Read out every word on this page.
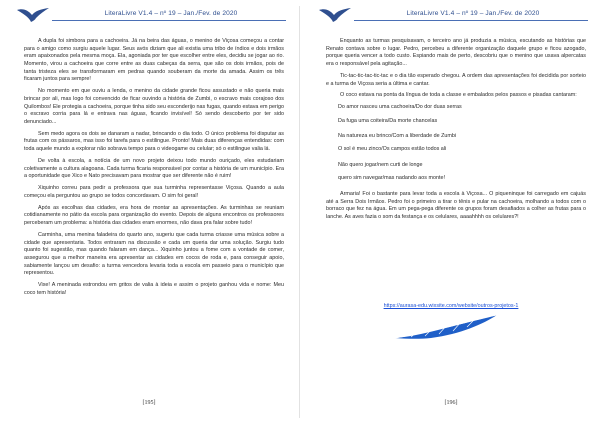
LiteraLivre V1.4 – nº 19 – Jan./Fev. de 2020

A dupla foi simbora para a cachoeira. Já na beira das águas, o menino de Viçosa começou a contar para o amigo como surgiu aquele lugar. Seus avós diziam que ali existia uma tribo de índios e dois irmãos eram apaixonados pela mesma moça. Ela, agoniada por ter que escolher entre eles, decidiu se jogar ao rio. Momento, virou a cachoeira que corre entre as duas cabeças da serra, que são os dois irmãos, pois de tanta tristeza eles se transformaram em pedras quando souberam da morte da amada. Assim os três ficaram juntos para sempre!

No momento em que ouviu a lenda, o menino da cidade grande ficou assustado e não queria mais brincar por ali, mas logo foi convencido de ficar ouvindo a história de Zumbi, o escravo mais corajoso dos Quilombos! Ele protegia a cachoeira, porque tinha sido seu esconderijo nas fugas, quando estava em perigo o escravo corria para lá e entrava nas águas, ficando invisível! Só sendo descoberto por ter sido denunciado...

Sem medo agora os dois se danaram a nadar, brincando o dia todo. O único problema foi disputar as frutas com os pássaros, mas isso foi tarefa para o estilingue. Pronto! Mais duas diferenças entendidas: com toda aquele mundo a explorar não sobrava tempo para o videogame ou celular; só o estilingue valia lá.

De volta à escola, a notícia de um novo projeto deixou todo mundo ouriçado, eles estudariam coletivamente a cultura alagoana. Cada turma ficaria responsável por contar a história de um município. Era a oportunidade que Xico e Nato precisavam para mostrar que ser diferente não é ruim!

Xiquinho correu para pedir a professora que sua turminha representasse Viçosa. Quando a aula começou ela perguntou ao grupo se todos concordavam. O sim foi geral!

Após as escolhas das cidades, era hora de montar as apresentações. As turminhas se reuniam cotidianamente no pátio da escola para organização do evento. Depois de alguns encontros os professores perceberam um problema: a história das cidades eram enormes, não dava pra falar sobre tudo!

Carminha, uma menina faladeira do quarto ano, sugeriu que cada turma criasse uma música sobre a cidade que apresentaria. Todos entraram na discussão e cada um queria dar uma solução. Surgiu tudo quanto foi sugestão, mas quando falaram em dança... Xiquinho juntou a fome com a vontade de comer, assegurou que a melhor maneira era apresentar as cidades em cocos de roda e, para conseguir apoio, sabiamente lançou um desafio: a turma vencedora levaria toda a escola em passeio para o município que representou.

Vixe! A meninada estrondou em gritos de valia à ideia e assim o projeto ganhou vida e nome: Meu coco tem história!

[195]
LiteraLivre V1.4 – nº 19 – Jan./Fev. de 2020

Enquanto as turmas pesquisavam, o terceiro ano já produzia a música, escutando as histórias que Renato contava sobre o lugar. Pedro, percebeu a diferente organização daquele grupo e ficou azogado, porque queria vencer a todo custo. Espiando mais de perto, descobriu que o menino que usava alpercatas era o responsável pela agitação...

Tic-tac-tic-tac-tic-tac e o dia tão esperado chegou. A ordem das apresentações foi decidida por sorteio e a turma de Viçosa seria a última e cantar.

O coco estava na ponta da língua de toda a classe e embalados pelos passos e pisadas cantaram:

Do amor nasceu uma cachoeira/Do dor duas serras

Da fuga uma coiteira/Da morte chancelas

Na natureza eu brinco/Com a liberdade de Zumbi

O sol é meu zinco/Os campos estão todos ali

Não quero jogar/nem curti de longe

quero sim navegar/mas nadando aos monte!

Armaria! Foi o bastante para levar toda a escola à Viçosa... O piqueninque foi carregado em cajuás até a Serra Dois Irmãos. Pedro foi o primeiro a tirar o tênis e pular na cachoeira, molhando a todos com o borraco que fez na água. Em um pega-pega diferente os grupos foram desafiados a colher as frutas para o lanche. As aves fazia o som da festança e os celulares, aaaahhhh os celulares?!

https://aurasa-edu.wixsite.com/website/outros-projetos-1
[196]
